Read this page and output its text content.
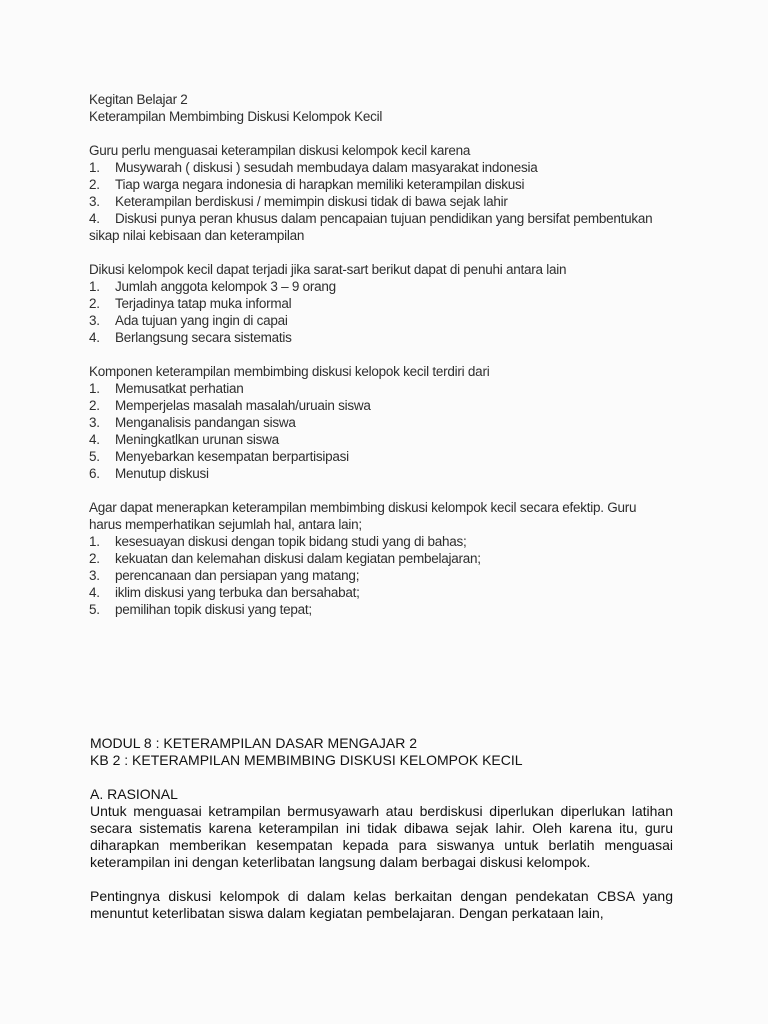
Kegitan Belajar 2
Keterampilan Membimbing Diskusi Kelompok Kecil
Guru perlu menguasai keterampilan diskusi kelompok kecil karena
1. Musywarah ( diskusi ) sesudah membudaya dalam masyarakat indonesia
2. Tiap warga negara indonesia di harapkan memiliki keterampilan diskusi
3. Keterampilan berdiskusi / memimpin diskusi tidak di bawa sejak lahir
4. Diskusi punya peran khusus dalam pencapaian tujuan pendidikan yang bersifat pembentukan sikap nilai kebisaan dan keterampilan
Dikusi kelompok kecil dapat terjadi jika sarat-sart berikut dapat di penuhi antara lain
1. Jumlah anggota kelompok 3 – 9 orang
2. Terjadinya tatap muka informal
3. Ada tujuan yang ingin di capai
4. Berlangsung secara sistematis
Komponen keterampilan membimbing diskusi kelopok kecil terdiri dari
1. Memusatkat perhatian
2. Memperjelas masalah masalah/uruain siswa
3. Menganalisis pandangan siswa
4. Meningkatlkan urunan siswa
5. Menyebarkan kesempatan berpartisipasi
6. Menutup diskusi
Agar dapat menerapkan keterampilan membimbing diskusi kelompok kecil secara efektip. Guru
harus memperhatikan sejumlah hal, antara lain;
1. kesesuayan diskusi dengan topik bidang studi yang di bahas;
2. kekuatan dan kelemahan diskusi dalam kegiatan pembelajaran;
3. perencanaan dan persiapan yang matang;
4. iklim diskusi yang terbuka dan bersahabat;
5. pemilihan topik diskusi yang tepat;
MODUL 8 : KETERAMPILAN DASAR MENGAJAR 2
KB 2 : KETERAMPILAN MEMBIMBING DISKUSI KELOMPOK KECIL
A. RASIONAL

Untuk menguasai ketrampilan bermusyawarh atau berdiskusi diperlukan diperlukan latihan secara sistematis karena keterampilan ini tidak dibawa sejak lahir. Oleh karena itu, guru diharapkan memberikan kesempatan kepada para siswanya untuk berlatih menguasai keterampilan ini dengan keterlibatan langsung dalam berbagai diskusi kelompok.

Pentingnya diskusi kelompok di dalam kelas berkaitan dengan pendekatan CBSA yang menuntut keterlibatan siswa dalam kegiatan pembelajaran. Dengan perkataan lain,
